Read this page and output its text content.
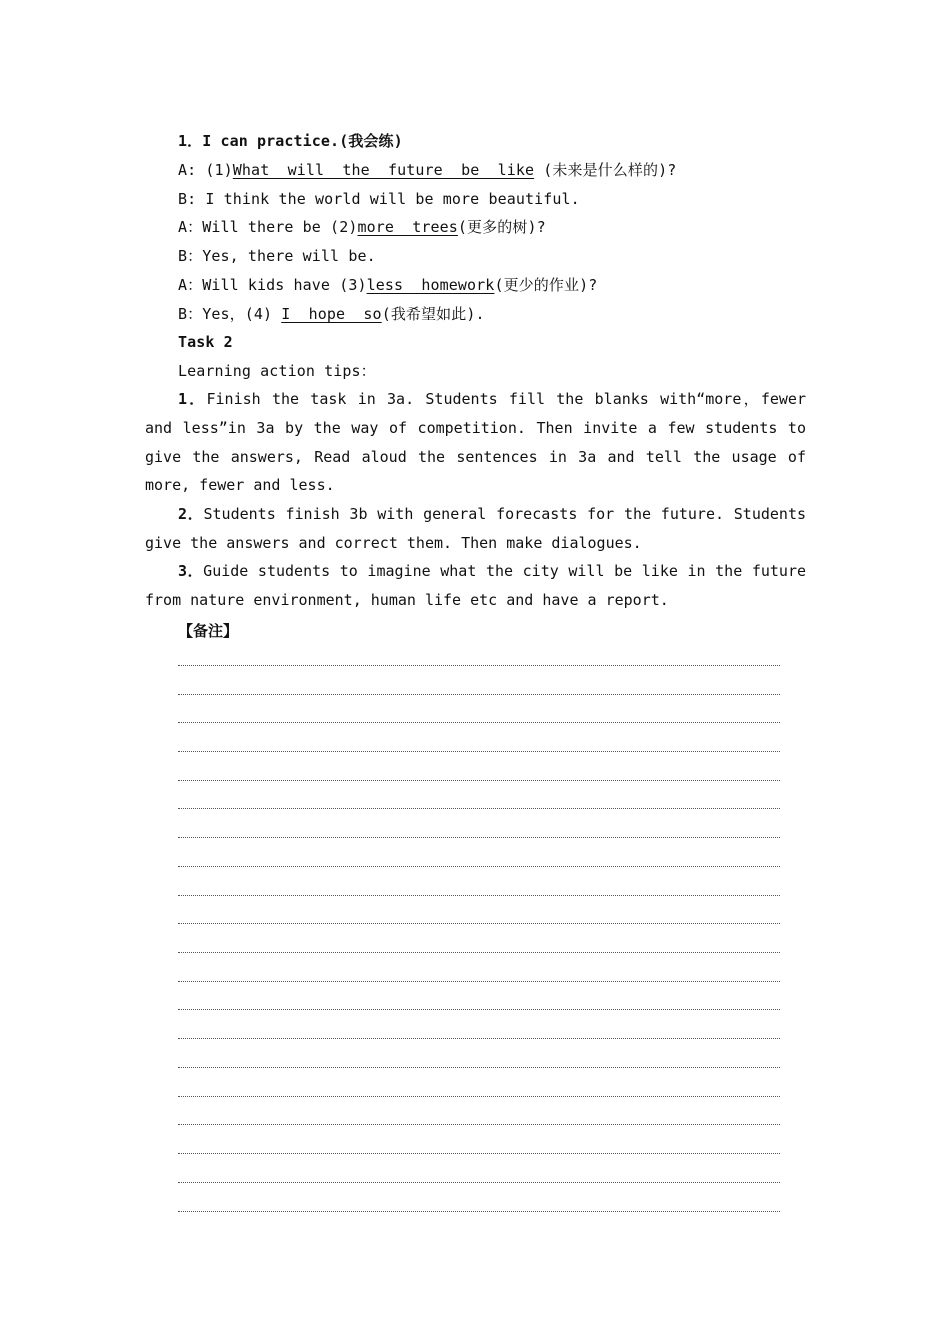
1．I can practice.(我会练)
A: (1)What  will  the  future  be  like (未来是什么样的)?
B: I think the world will be more beautiful.
A：Will there be (2)more  trees(更多的树)?
B：Yes, there will be.
A：Will kids have (3)less  homework(更少的作业)?
B：Yes，(4) I  hope  so(我希望如此).
Task 2
Learning action tips：
1．Finish the task in 3a. Students fill the blanks with“more，fewer and less”in 3a by the way of competition. Then invite a few students to give the answers, Read aloud the sentences in 3a and tell the usage of more, fewer and less.
2．Students finish 3b with general forecasts for the future. Students give the answers and correct them. Then make dialogues.
3．Guide students to imagine what the city will be like in the future from nature environment, human life etc and have a report.
【备注】
